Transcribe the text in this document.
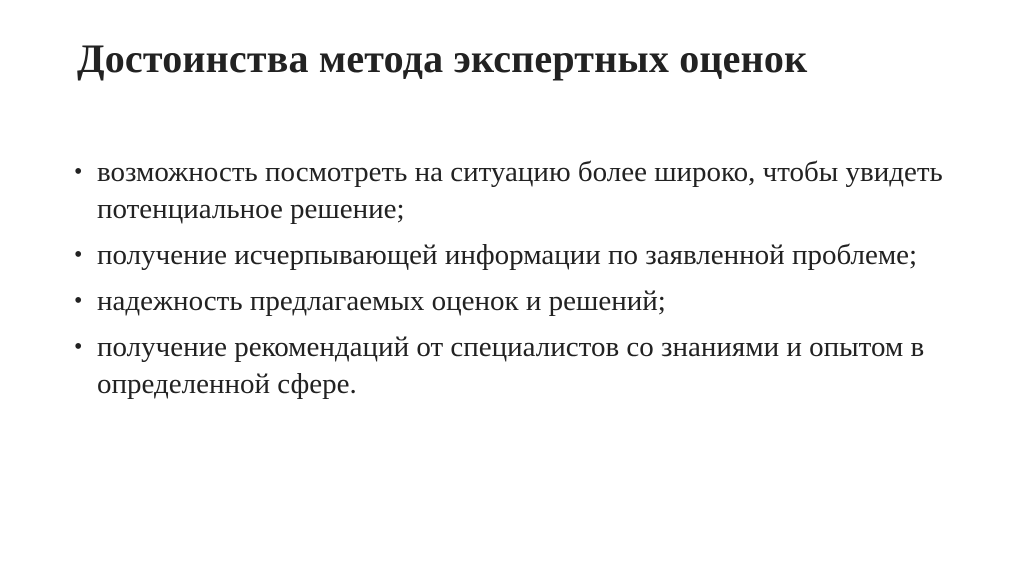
Достоинства метода экспертных оценок
• возможность посмотреть на ситуацию более широко, чтобы увидеть потенциальное решение;
• получение исчерпывающей информации по заявленной проблеме;
• надежность предлагаемых оценок и решений;
• получение рекомендаций от специалистов со знаниями и опытом в определенной сфере.
